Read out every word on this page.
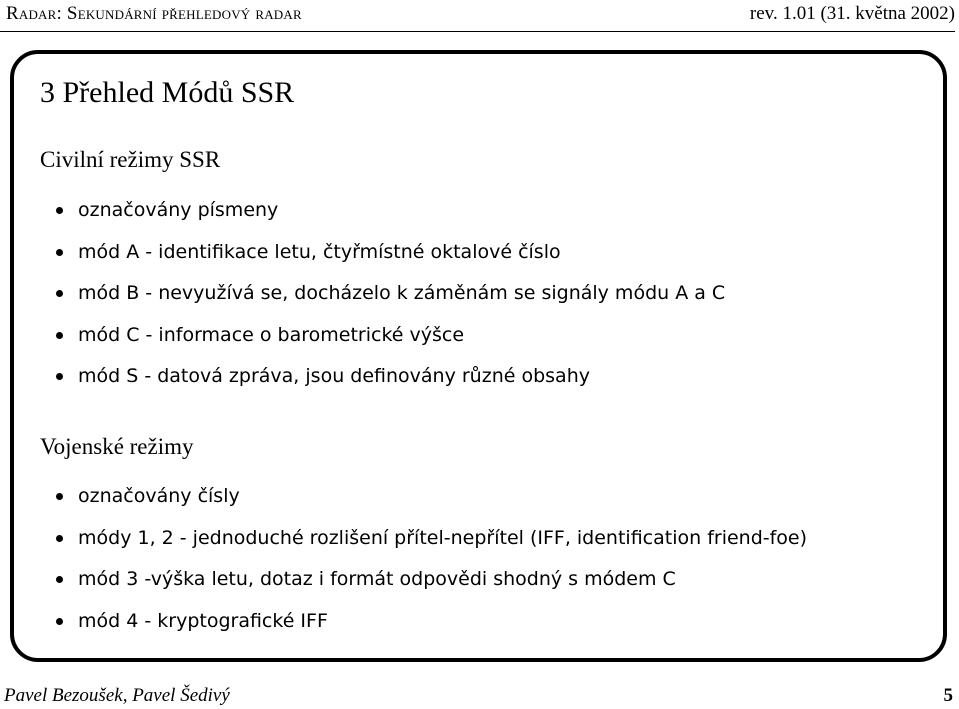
Radar: Sekundární přehledový radar	rev. 1.01 (31. května 2002)
3 Přehled Módů SSR
Civilní režimy SSR
označovány písmeny
mód A - identifikace letu, čtyřmístné oktalové číslo
mód B - nevyužívá se, docházelo k záměnám se signály módu A a C
mód C - informace o barometrické výšce
mód S - datová zpráva, jsou definovány různé obsahy
Vojenské režimy
označovány čísly
módy 1, 2 - jednoduché rozlišení přítel-nepřítel (IFF, identification friend-foe)
mód 3 -výška letu, dotaz i formát odpovědi shodný s módem C
mód 4 - kryptografické IFF
Pavel Bezoušek, Pavel Šedivý	5
